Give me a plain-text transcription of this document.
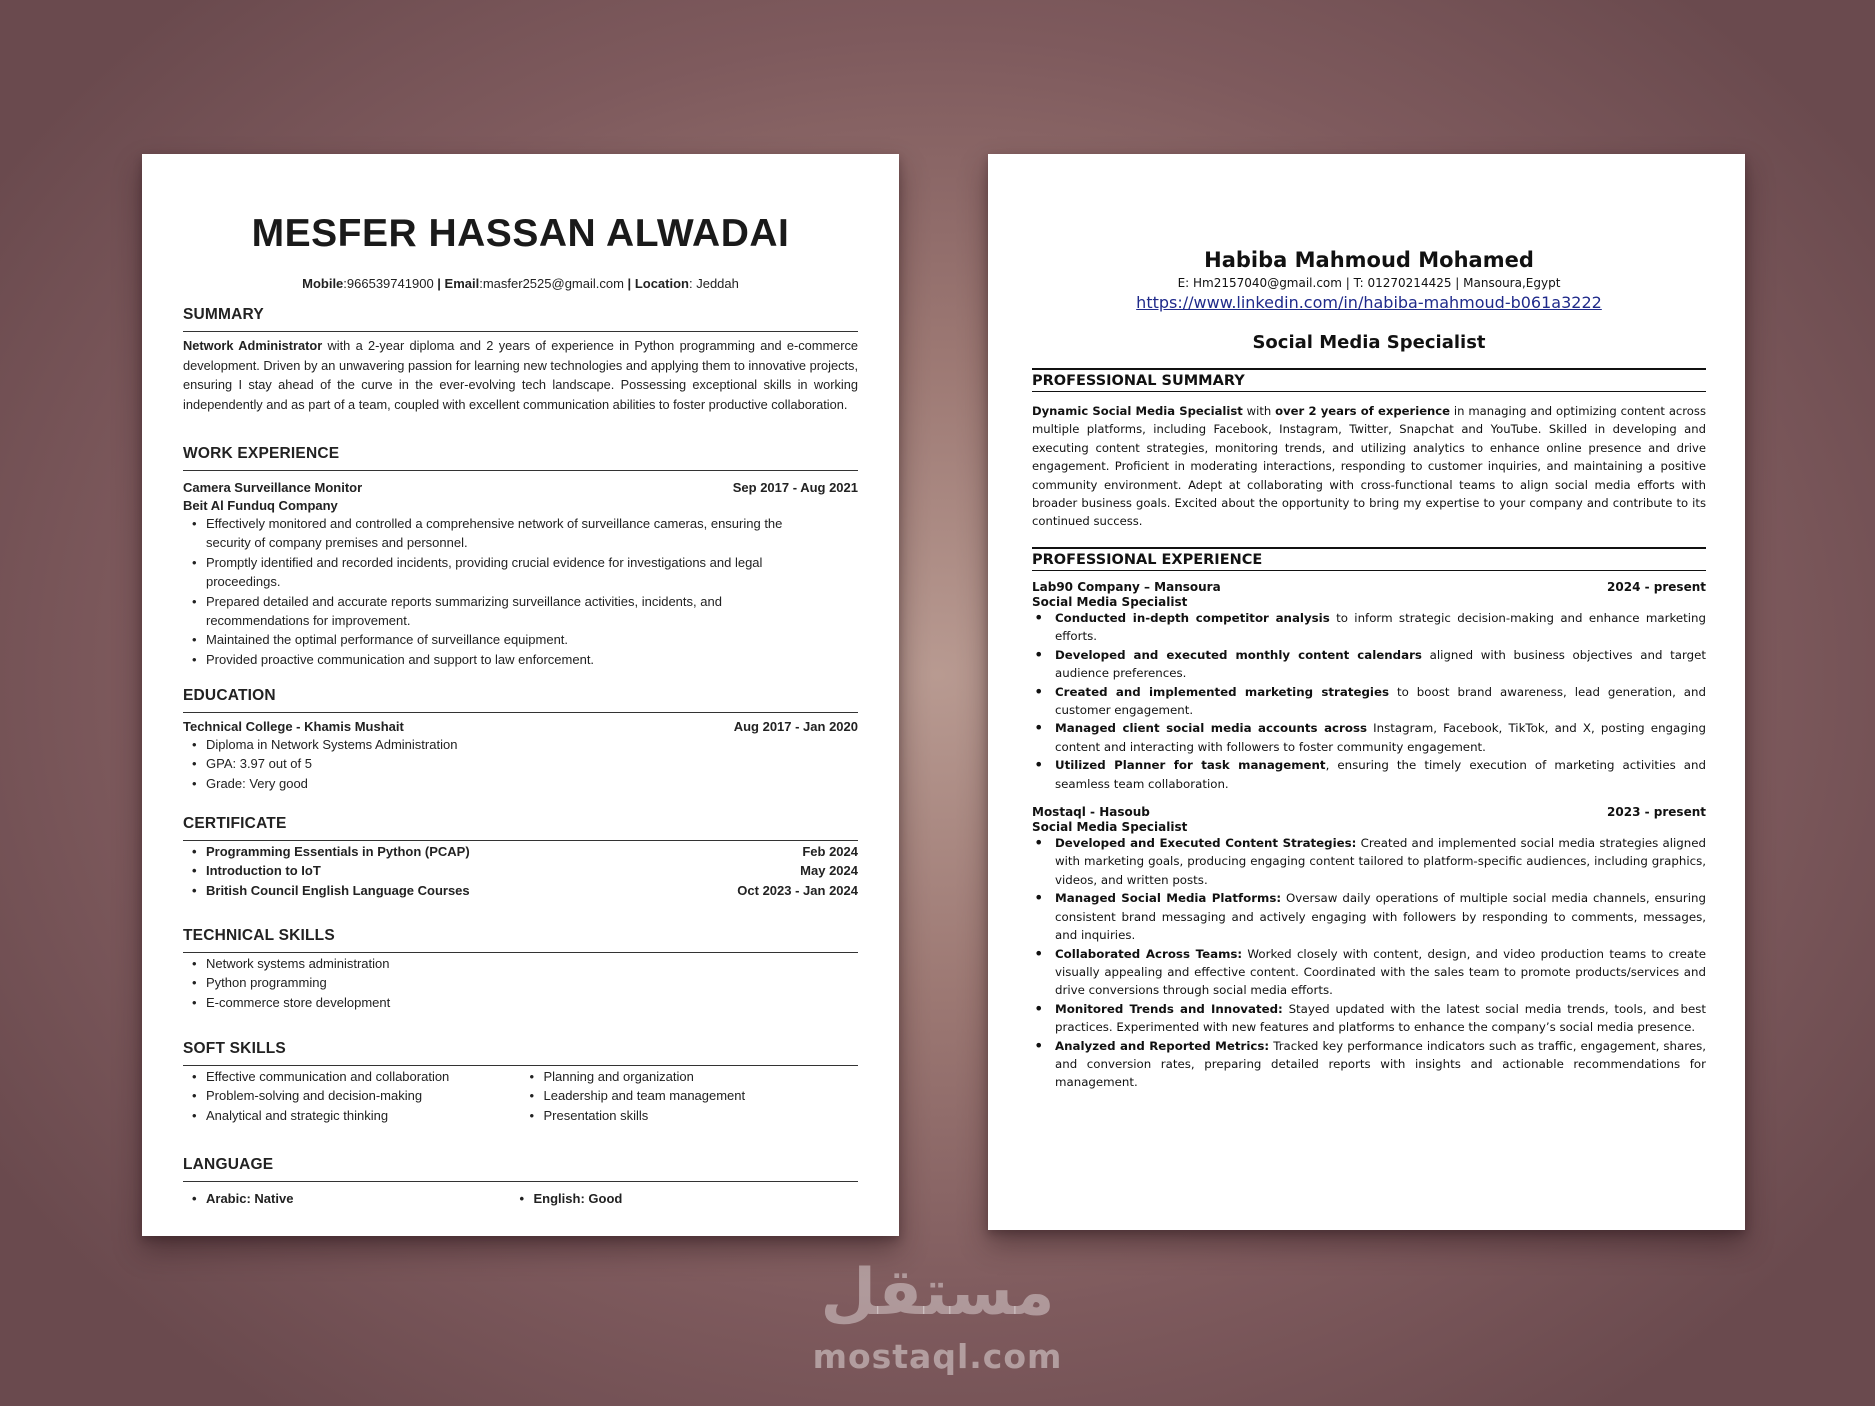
MESFER HASSAN ALWADAI
Mobile:966539741900 | Email:masfer2525@gmail.com | Location: Jeddah
SUMMARY

Network Administrator with a 2-year diploma and 2 years of experience in Python programming and e-commerce development. Driven by an unwavering passion for learning new technologies and applying them to innovative projects, ensuring I stay ahead of the curve in the ever-evolving tech landscape. Possessing exceptional skills in working independently and as part of a team, coupled with excellent communication abilities to foster productive collaboration.

WORK EXPERIENCE
Camera Surveillance Monitor	Sep 2017 - Aug 2021
Beit Al Funduq Company
• Effectively monitored and controlled a comprehensive network of surveillance cameras, ensuring the security of company premises and personnel.
• Promptly identified and recorded incidents, providing crucial evidence for investigations and legal proceedings.
• Prepared detailed and accurate reports summarizing surveillance activities, incidents, and recommendations for improvement.
• Maintained the optimal performance of surveillance equipment.
• Provided proactive communication and support to law enforcement.
EDUCATION
Technical College - Khamis Mushait	Aug 2017 - Jan 2020
• Diploma in Network Systems Administration
• GPA: 3.97 out of 5
• Grade: Very good
CERTIFICATE
• Programming Essentials in Python (PCAP)	Feb 2024
• Introduction to IoT	May 2024
• British Council English Language Courses	Oct 2023 - Jan 2024
TECHNICAL SKILLS
• Network systems administration
• Python programming
• E-commerce store development
SOFT SKILLS
• Effective communication and collaboration
• Problem-solving and decision-making
• Analytical and strategic thinking
• Planning and organization
• Leadership and team management
• Presentation skills
LANGUAGE
• Arabic: Native
•	English: Good
Habiba Mahmoud Mohamed
E: Hm2157040@gmail.com | T: 01270214425 | Mansoura,Egypt
https://www.linkedin.com/in/habiba-mahmoud-b061a3222
Social Media Specialist
PROFESSIONAL SUMMARY

Dynamic Social Media Specialist with over 2 years of experience in managing and optimizing content across multiple platforms, including Facebook, Instagram, Twitter, Snapchat and YouTube. Skilled in developing and executing content strategies, monitoring trends, and utilizing analytics to enhance online presence and drive engagement. Proficient in moderating interactions, responding to customer inquiries, and maintaining a positive community environment. Adept at collaborating with cross-functional teams to align social media efforts with broader business goals. Excited about the opportunity to bring my expertise to your company and contribute to its continued success.

PROFESSIONAL EXPERIENCE
Lab90 Company – Mansoura	2024 - present
Social Media Specialist
• Conducted in-depth competitor analysis to inform strategic decision-making and enhance marketing efforts.
• Developed and executed monthly content calendars aligned with business objectives and target audience preferences.
• Created and implemented marketing strategies to boost brand awareness, lead generation, and customer engagement.
• Managed client social media accounts across Instagram, Facebook, TikTok, and X, posting engaging content and interacting with followers to foster community engagement.
• Utilized Planner for task management, ensuring the timely execution of marketing activities and seamless team collaboration.
Mostaql - Hasoub	2023 - present
Social Media Specialist
• Developed and Executed Content Strategies: Created and implemented social media strategies aligned with marketing goals, producing engaging content tailored to platform-specific audiences, including graphics, videos, and written posts.
• Managed Social Media Platforms: Oversaw daily operations of multiple social media channels, ensuring consistent brand messaging and actively engaging with followers by responding to comments, messages, and inquiries.
• Collaborated Across Teams: Worked closely with content, design, and video production teams to create visually appealing and effective content. Coordinated with the sales team to promote products/services and drive conversions through social media efforts.
• Monitored Trends and Innovated: Stayed updated with the latest social media trends, tools, and best practices. Experimented with new features and platforms to enhance the company’s social media presence.
• Analyzed and Reported Metrics: Tracked key performance indicators such as traffic, engagement, shares, and conversion rates, preparing detailed reports with insights and actionable recommendations for management.
مستقل
mostaql.com
